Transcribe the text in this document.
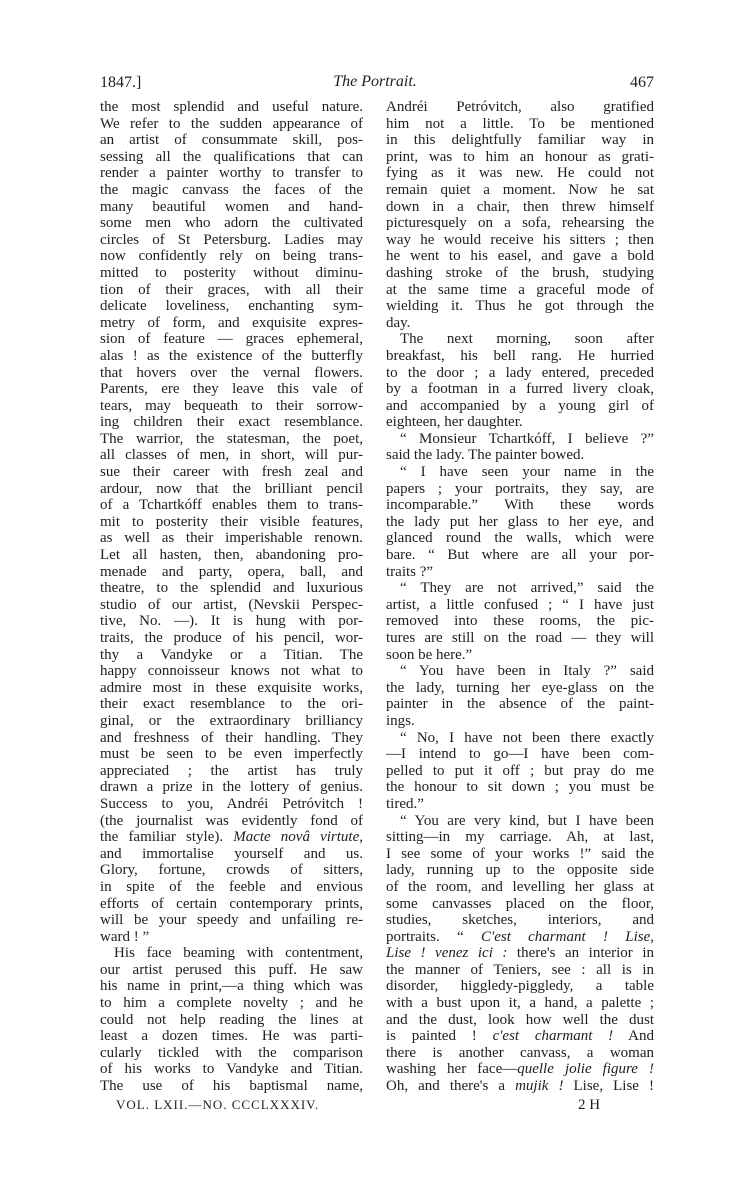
1847.]	The Portrait.	467
the most splendid and useful nature.
We refer to the sudden appearance of
an artist of consummate skill, pos-
sessing all the qualifications that can
render a painter worthy to transfer to
the magic canvass the faces of the
many beautiful women and hand-
some men who adorn the cultivated
circles of St Petersburg. Ladies may
now confidently rely on being trans-
mitted to posterity without diminu-
tion of their graces, with all their
delicate loveliness, enchanting sym-
metry of form, and exquisite expres-
sion of feature — graces ephemeral,
alas ! as the existence of the butterfly
that hovers over the vernal flowers.
Parents, ere they leave this vale of
tears, may bequeath to their sorrow-
ing children their exact resemblance.
The warrior, the statesman, the poet,
all classes of men, in short, will pur-
sue their career with fresh zeal and
ardour, now that the brilliant pencil
of a Tchartkóff enables them to trans-
mit to posterity their visible features,
as well as their imperishable renown.
Let all hasten, then, abandoning pro-
menade and party, opera, ball, and
theatre, to the splendid and luxurious
studio of our artist, (Nevskii Perspec-
tive, No. —). It is hung with por-
traits, the produce of his pencil, wor-
thy a Vandyke or a Titian. The
happy connoisseur knows not what to
admire most in these exquisite works,
their exact resemblance to the ori-
ginal, or the extraordinary brilliancy
and freshness of their handling. They
must be seen to be even imperfectly
appreciated ; the artist has truly
drawn a prize in the lottery of genius.
Success to you, Andréi Petróvitch !
(the journalist was evidently fond of
the familiar style). Macte novâ virtute,
and immortalise yourself and us.
Glory, fortune, crowds of sitters,
in spite of the feeble and envious
efforts of certain contemporary prints,
will be your speedy and unfailing re-
ward ! ”
His face beaming with contentment,
our artist perused this puff. He saw
his name in print,—a thing which was
to him a complete novelty ; and he
could not help reading the lines at
least a dozen times. He was parti-
cularly tickled with the comparison
of his works to Vandyke and Titian.
The use of his baptismal name,
Andréi Petróvitch, also gratified
him not a little. To be mentioned
in this delightfully familiar way in
print, was to him an honour as grati-
fying as it was new. He could not
remain quiet a moment. Now he sat
down in a chair, then threw himself
picturesquely on a sofa, rehearsing the
way he would receive his sitters ; then
he went to his easel, and gave a bold
dashing stroke of the brush, studying
at the same time a graceful mode of
wielding it. Thus he got through the
day.
The next morning, soon after
breakfast, his bell rang. He hurried
to the door ; a lady entered, preceded
by a footman in a furred livery cloak,
and accompanied by a young girl of
eighteen, her daughter.
“ Monsieur Tchartkóff, I believe ?”
said the lady. The painter bowed.
“ I have seen your name in the
papers ; your portraits, they say, are
incomparable.” With these words
the lady put her glass to her eye, and
glanced round the walls, which were
bare. “ But where are all your por-
traits ?”
“ They are not arrived,” said the
artist, a little confused ; “ I have just
removed into these rooms, the pic-
tures are still on the road — they will
soon be here.”
“ You have been in Italy ?” said
the lady, turning her eye-glass on the
painter in the absence of the paint-
ings.
“ No, I have not been there exactly
—I intend to go—I have been com-
pelled to put it off ; but pray do me
the honour to sit down ; you must be
tired.”
“ You are very kind, but I have been
sitting—in my carriage. Ah, at last,
I see some of your works !” said the
lady, running up to the opposite side
of the room, and levelling her glass at
some canvasses placed on the floor,
studies, sketches, interiors, and
portraits. “ C'est charmant ! Lise,
Lise ! venez ici : there's an interior in
the manner of Teniers, see : all is in
disorder, higgledy-piggledy, a table
with a bust upon it, a hand, a palette ;
and the dust, look how well the dust
is painted ! c'est charmant ! And
there is another canvass, a woman
washing her face—quelle jolie figure !
Oh, and there's a mujik ! Lise, Lise !
VOL. LXII.—NO. CCCLXXXIV.	2 H
